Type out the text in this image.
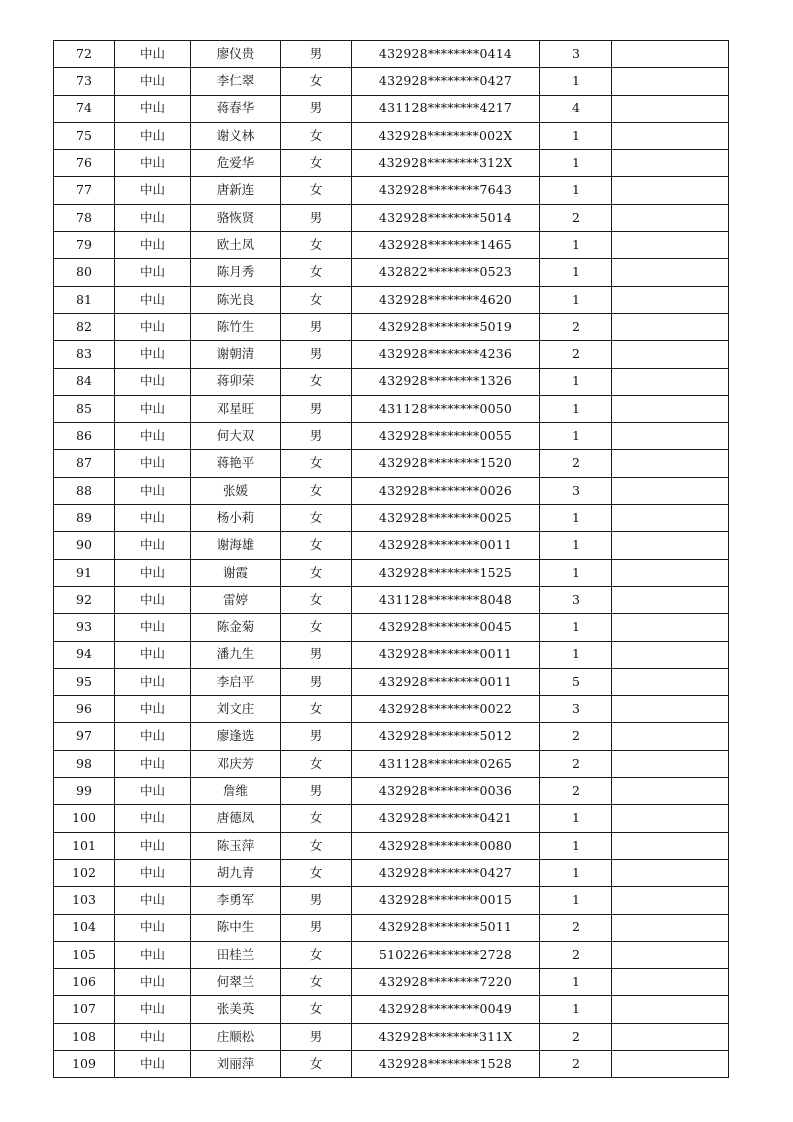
72	中山	廖仪贵	男	432928********0414	3	
73	中山	李仁翠	女	432928********0427	1	
74	中山	蒋春华	男	431128********4217	4	
75	中山	谢义林	女	432928********002X	1	
76	中山	危爱华	女	432928********312X	1	
77	中山	唐新连	女	432928********7643	1	
78	中山	骆恢贤	男	432928********5014	2	
79	中山	欧土凤	女	432928********1465	1	
80	中山	陈月秀	女	432822********0523	1	
81	中山	陈光良	女	432928********4620	1	
82	中山	陈竹生	男	432928********5019	2	
83	中山	谢朝清	男	432928********4236	2	
84	中山	蒋卯荣	女	432928********1326	1	
85	中山	邓星旺	男	431128********0050	1	
86	中山	何大双	男	432928********0055	1	
87	中山	蒋艳平	女	432928********1520	2	
88	中山	张媛	女	432928********0026	3	
89	中山	杨小莉	女	432928********0025	1	
90	中山	谢海雄	女	432928********0011	1	
91	中山	谢霞	女	432928********1525	1	
92	中山	雷婷	女	431128********8048	3	
93	中山	陈金菊	女	432928********0045	1	
94	中山	潘九生	男	432928********0011	1	
95	中山	李启平	男	432928********0011	5	
96	中山	刘文庄	女	432928********0022	3	
97	中山	廖逢选	男	432928********5012	2	
98	中山	邓庆芳	女	431128********0265	2	
99	中山	詹维	男	432928********0036	2	
100	中山	唐德凤	女	432928********0421	1	
101	中山	陈玉萍	女	432928********0080	1	
102	中山	胡九青	女	432928********0427	1	
103	中山	李勇军	男	432928********0015	1	
104	中山	陈中生	男	432928********5011	2	
105	中山	田桂兰	女	510226********2728	2	
106	中山	何翠兰	女	432928********7220	1	
107	中山	张美英	女	432928********0049	1	
108	中山	庄顺松	男	432928********311X	2	
109	中山	刘丽萍	女	432928********1528	2	
